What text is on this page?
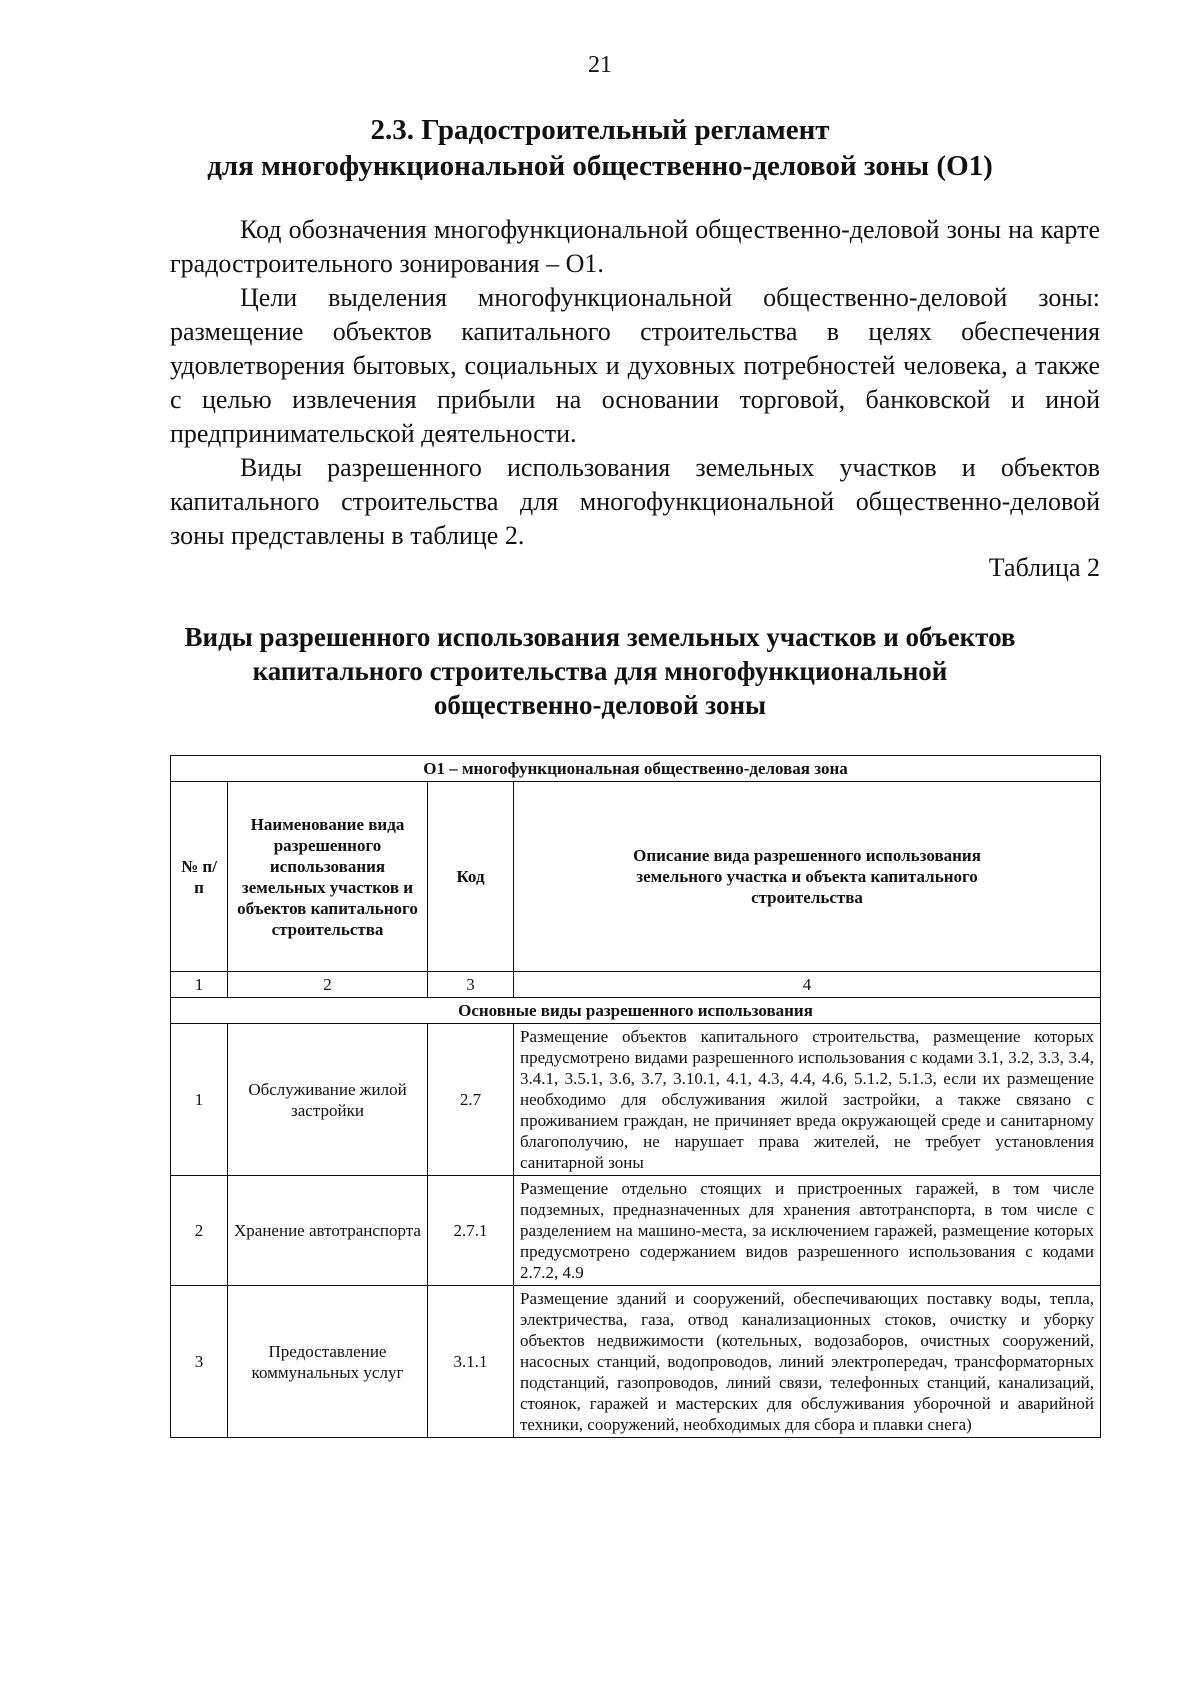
21
2.3. Градостроительный регламент
для многофункциональной общественно-деловой зоны (О1)

Код обозначения многофункциональной общественно-деловой зоны на карте градостроительного зонирования – О1.

Цели выделения многофункциональной общественно-деловой зоны: размещение объектов капитального строительства в целях обеспечения удовлетворения бытовых, социальных и духовных потребностей человека, а также с целью извлечения прибыли на основании торговой, банковской и иной предпринимательской деятельности.

Виды разрешенного использования земельных участков и объектов капитального строительства для многофункциональной общественно-деловой зоны представлены в таблице 2.

Таблица 2
Виды разрешенного использования земельных участков и объектов
капитального строительства для многофункциональной
общественно-деловой зоны
О1 – многофункциональная общественно-деловая зона			
№ п/п	Наименование вида разрешенного использования земельных участков и объектов капитального строительства	Код	Описание вида разрешенного использования земельного участка и объекта капитального строительства
1	2	3	4
Основные виды разрешенного использования			
1	Обслуживание жилой застройки	2.7	Размещение объектов капитального строительства, размещение которых предусмотрено видами разрешенного использования с кодами 3.1, 3.2, 3.3, 3.4, 3.4.1, 3.5.1, 3.6, 3.7, 3.10.1, 4.1, 4.3, 4.4, 4.6, 5.1.2, 5.1.3, если их размещение необходимо для обслуживания жилой застройки, а также связано с проживанием граждан, не причиняет вреда окружающей среде и санитарному благополучию, не нарушает права жителей, не требует установления санитарной зоны
2	Хранение автотранспорта	2.7.1	Размещение отдельно стоящих и пристроенных гаражей, в том числе подземных, предназначенных для хранения автотранспорта, в том числе с разделением на машино-места, за исключением гаражей, размещение которых предусмотрено содержанием видов разрешенного использования с кодами 2.7.2, 4.9
3	Предоставление коммунальных услуг	3.1.1	Размещение зданий и сооружений, обеспечивающих поставку воды, тепла, электричества, газа, отвод канализационных стоков, очистку и уборку объектов недвижимости (котельных, водозаборов, очистных сооружений, насосных станций, водопроводов, линий электропередач, трансформаторных подстанций, газопроводов, линий связи, телефонных станций, канализаций, стоянок, гаражей и мастерских для обслуживания уборочной и аварийной техники, сооружений, необходимых для сбора и плавки снега)
